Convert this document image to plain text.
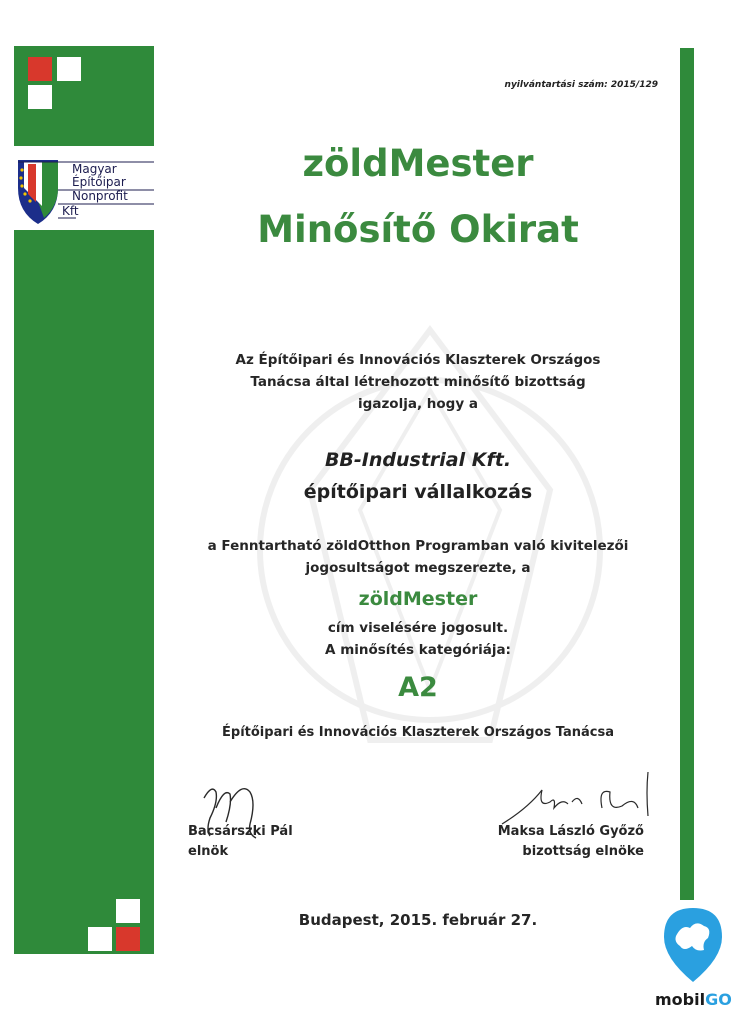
Magyar
Építőipar
Nonprofit
Kft
nyilvántartási szám: 2015/129
zöldMester
Minősítő Okirat
Az Építőipari és Innovációs Klaszterek Országos
Tanácsa által létrehozott minősítő bizottság
igazolja, hogy a
BB-Industrial Kft.
építőipari vállalkozás
a Fenntartható zöldOtthon Programban való kivitelezői
jogosultságot megszerezte, a
zöldMester
cím viselésére jogosult.
A minősítés kategóriája:
A2
Építőipari és Innovációs Klaszterek Országos Tanácsa
Bacsárszki Pál
elnök
Maksa László Győző
bizottság elnöke
Budapest, 2015. február 27.
mobilGO
